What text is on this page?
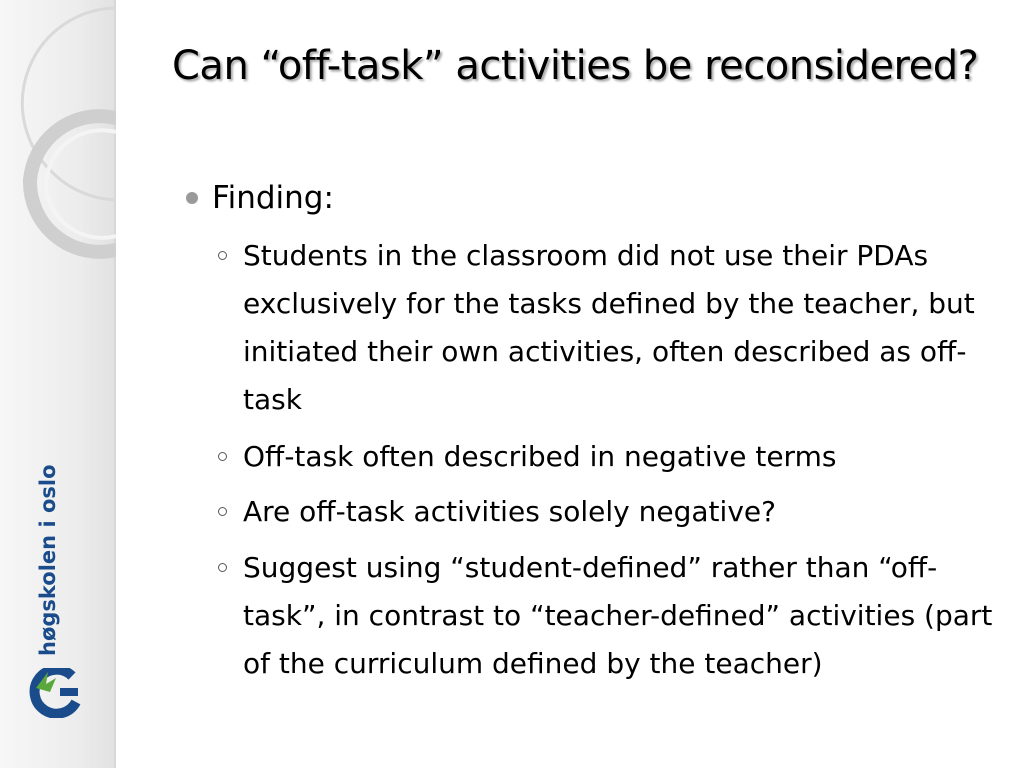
høgskolen i oslo
Can “off-task” activities be reconsidered?
Finding:
Students in the classroom did not use their PDAs exclusively for the tasks defined by the teacher, but initiated their own activities, often described as off-task
Off-task often described in negative terms
Are off-task activities solely negative?
Suggest using “student-defined” rather than “off-task”, in contrast to “teacher-defined” activities (part of the curriculum defined by the teacher)
